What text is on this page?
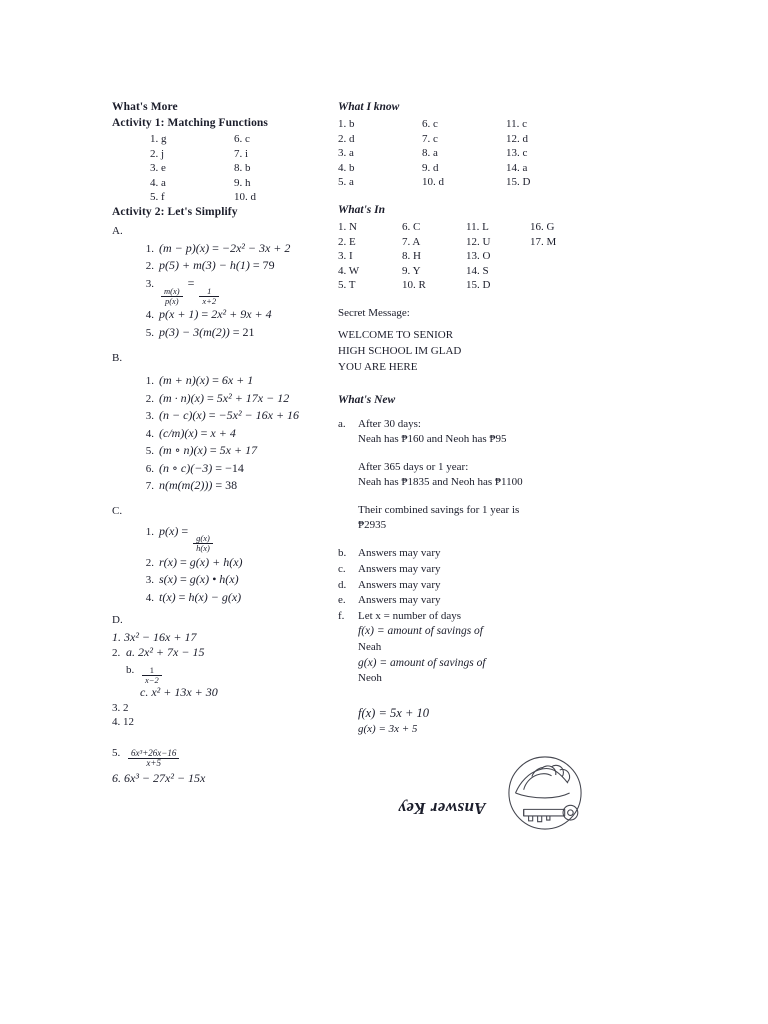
What's More
Activity 1: Matching Functions
1. g	6. c
2. j	7. i
3. e	8. b
4. a	9. h
5. f	10. d
Activity 2: Let's Simplify
A.
1. (m − p)(x) = −2x² − 3x + 2
2. p(5) + m(3) − h(1) = 79
3.
$\frac{m(x)}{p(x)}$
=
$\frac{1}{x+2}$
4. p(x + 1) = 2x² + 9x + 4
5. p(3) − 3(m(2)) = 21
B.
1. (m + n)(x) = 6x + 1
2. (m · n)(x) = 5x² + 17x − 12
3. (n − c)(x) = −5x² − 16x + 16
4. (c/m)(x) = x + 4
5. (m ∘ n)(x) = 5x + 17
6. (n ∘ c)(−3) = −14
7. n(m(m(2))) = 38
C.
1. p(x) =
$\frac{g(x)}{h(x)}$
2. r(x) = g(x) + h(x)
3. s(x) = g(x) • h(x)
4. t(x) = h(x) − g(x)
D.
1. 3x² − 16x + 17
2. a. 2x² + 7x − 15
b. $\frac{1}{x-2}$
c. x² + 13x + 30
3. 2
4. 12
5. $\frac{\text{6x³+26x−16}}{x+5}$
6. 6x³ − 27x² − 15x
What I know
1. b	6. c	11. c
2. d	7. c	12. d
3. a	8. a	13. c
4. b	9. d	14. a
5. a	10. d	15. D
What's In
1. N	6. C	11. L	16. G
2. E	7. A	12. U	17. M
3. I	8. H	13. O
4. W	9. Y	14. S
5. T	10. R	15. D
Secret Message:
WELCOME TO SENIOR
HIGH SCHOOL IM GLAD
YOU ARE HERE
What's New
a.	After 30 days:
Neah has ₱160 and Neoh has ₱95
After 365 days or 1 year:
Neah has ₱1835 and Neoh has ₱1100
Their combined savings for 1 year is
₱2935
b.	Answers may vary
c.	Answers may vary
d.	Answers may vary
e.	Answers may vary
f.	Let x = number of days
f(x) = amount of savings of
Neah
g(x) = amount of savings of
Neoh
f(x) = 5x + 10
g(x) = 3x + 5
Answer Key
